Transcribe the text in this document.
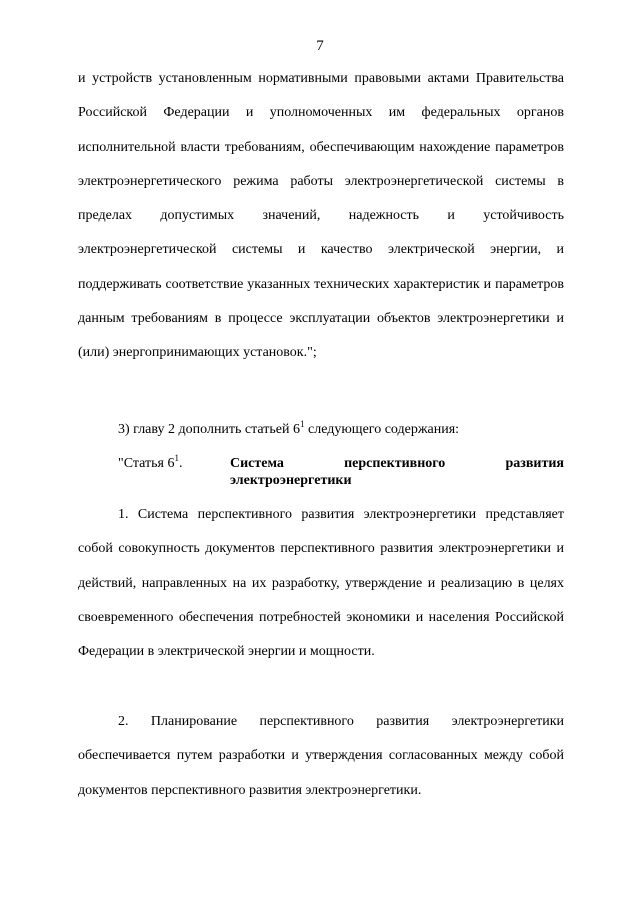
7

и устройств установленным нормативными правовыми актами Правительства Российской Федерации и уполномоченных им федеральных органов исполнительной власти требованиям, обеспечивающим нахождение параметров электроэнергетического режима работы электроэнергетической системы в пределах допустимых значений, надежность и устойчивость электроэнергетической системы и качество электрической энергии, и поддерживать соответствие указанных технических характеристик и параметров данным требованиям в процессе эксплуатации объектов электроэнергетики и (или) энергопринимающих установок.";

3) главу 2 дополнить статьей $6^1$ следующего содержания:
"Статья $6^1$.	Система перспективного развития
электроэнергетики

1. Система перспективного развития электроэнергетики представляет собой совокупность документов перспективного развития электроэнергетики и действий, направленных на их разработку, утверждение и реализацию в целях своевременного обеспечения потребностей экономики и населения Российской Федерации в электрической энергии и мощности.

2. Планирование перспективного развития электроэнергетики обеспечивается путем разработки и утверждения согласованных между собой документов перспективного развития электроэнергетики.
